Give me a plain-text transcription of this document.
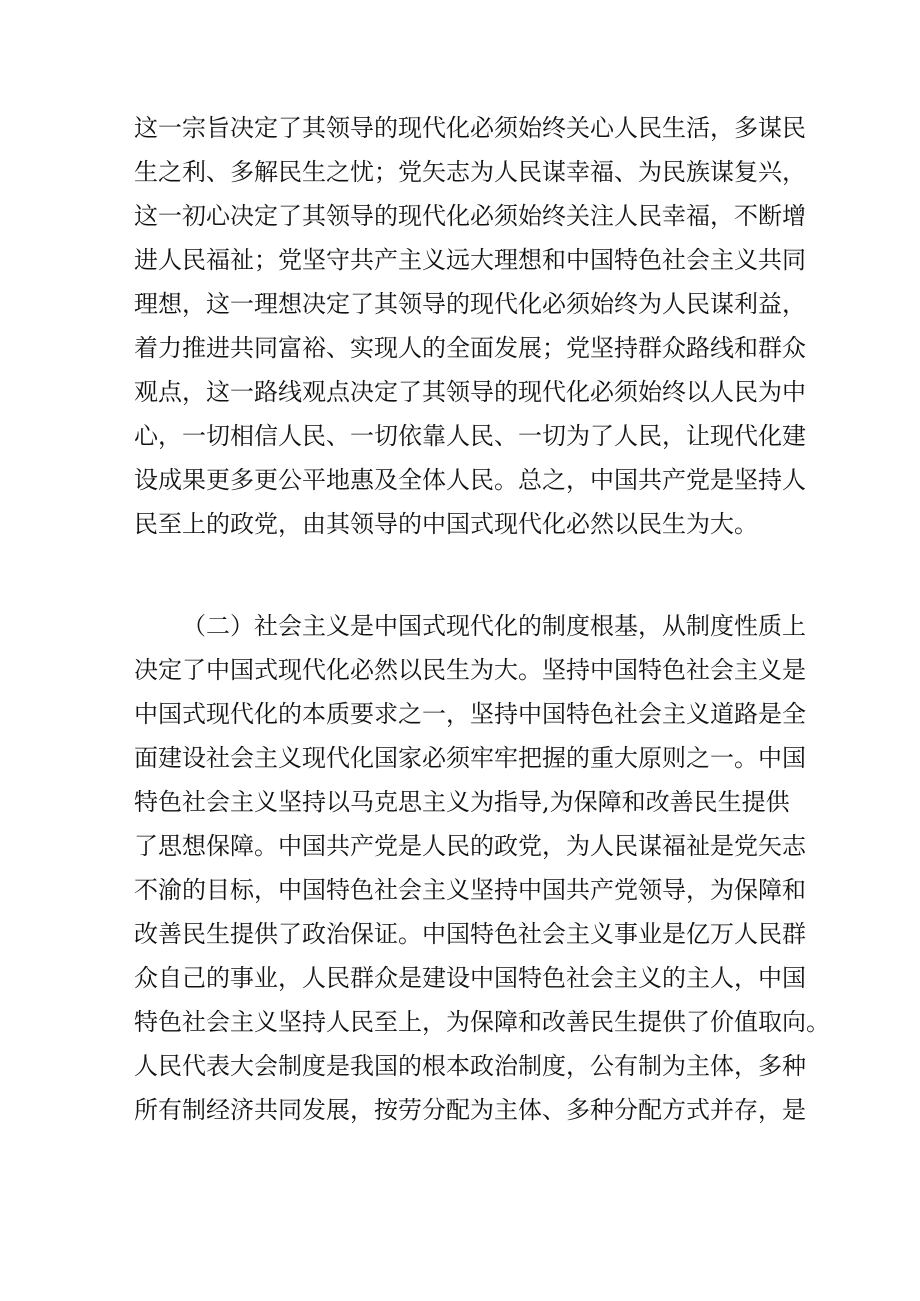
这一宗旨决定了其领导的现代化必须始终关心人民生活，多谋民
生之利、多解民生之忧；党矢志为人民谋幸福、为民族谋复兴，
这一初心决定了其领导的现代化必须始终关注人民幸福，不断增
进人民福祉；党坚守共产主义远大理想和中国特色社会主义共同
理想，这一理想决定了其领导的现代化必须始终为人民谋利益，
着力推进共同富裕、实现人的全面发展；党坚持群众路线和群众
观点，这一路线观点决定了其领导的现代化必须始终以人民为中
心，一切相信人民、一切依靠人民、一切为了人民，让现代化建
设成果更多更公平地惠及全体人民。总之，中国共产党是坚持人
民至上的政党，由其领导的中国式现代化必然以民生为大。
（二）社会主义是中国式现代化的制度根基，从制度性质上
决定了中国式现代化必然以民生为大。坚持中国特色社会主义是
中国式现代化的本质要求之一，坚持中国特色社会主义道路是全
面建设社会主义现代化国家必须牢牢把握的重大原则之一。中国
特色社会主义坚持以马克思主义为指导,为保障和改善民生提供
了思想保障。中国共产党是人民的政党，为人民谋福祉是党矢志
不渝的目标，中国特色社会主义坚持中国共产党领导，为保障和
改善民生提供了政治保证。中国特色社会主义事业是亿万人民群
众自己的事业，人民群众是建设中国特色社会主义的主人，中国
特色社会主义坚持人民至上，为保障和改善民生提供了价值取向。
人民代表大会制度是我国的根本政治制度，公有制为主体，多种
所有制经济共同发展，按劳分配为主体、多种分配方式并存，是
